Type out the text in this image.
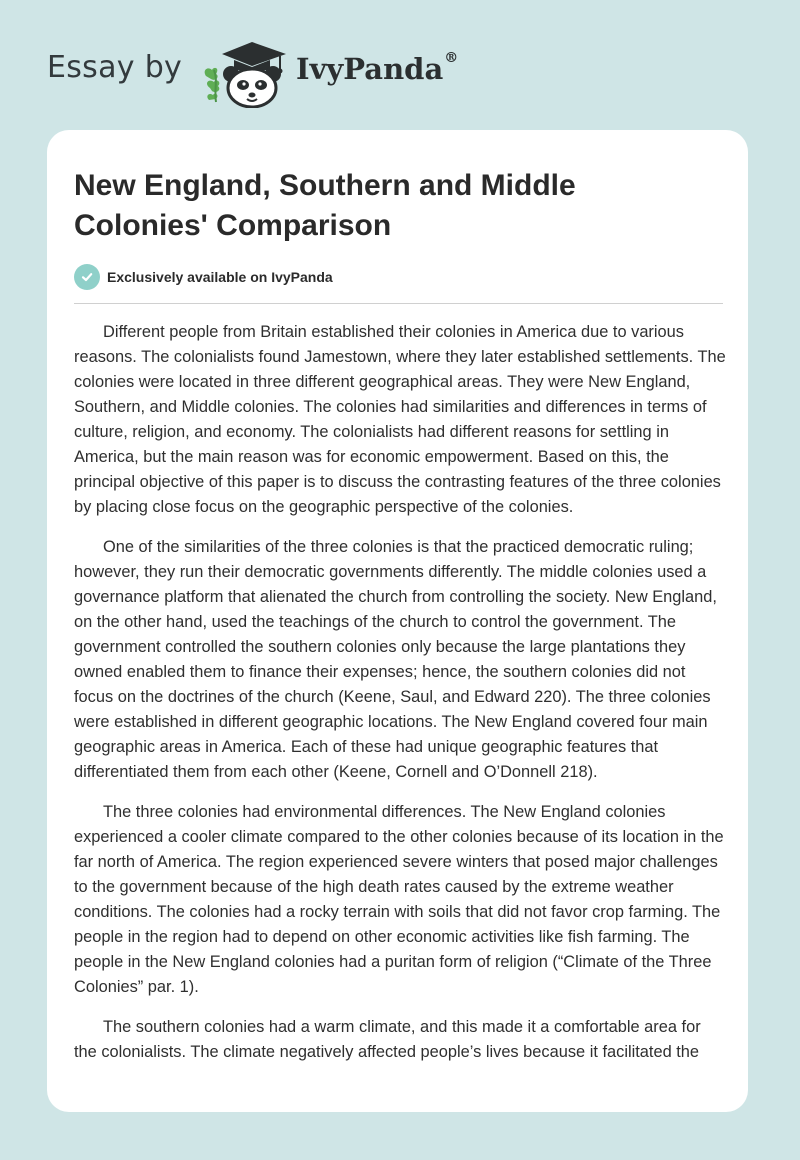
Essay by	IvyPanda®
New England, Southern and Middle Colonies' Comparison
Exclusively available on IvyPanda

Different people from Britain established their colonies in America due to various reasons. The colonialists found Jamestown, where they later established settlements. The colonies were located in three different geographical areas. They were New England, Southern, and Middle colonies. The colonies had similarities and differences in terms of culture, religion, and economy. The colonialists had different reasons for settling in America, but the main reason was for economic empowerment. Based on this, the principal objective of this paper is to discuss the contrasting features of the three colonies by placing close focus on the geographic perspective of the colonies.

One of the similarities of the three colonies is that the practiced democratic ruling; however, they run their democratic governments differently. The middle colonies used a governance platform that alienated the church from controlling the society. New England, on the other hand, used the teachings of the church to control the government. The government controlled the southern colonies only because the large plantations they owned enabled them to finance their expenses; hence, the southern colonies did not focus on the doctrines of the church (Keene, Saul, and Edward 220). The three colonies were established in different geographic locations. The New England covered four main geographic areas in America. Each of these had unique geographic features that differentiated them from each other (Keene, Cornell and O’Donnell 218).

The three colonies had environmental differences. The New England colonies experienced a cooler climate compared to the other colonies because of its location in the far north of America. The region experienced severe winters that posed major challenges to the government because of the high death rates caused by the extreme weather conditions. The colonies had a rocky terrain with soils that did not favor crop farming. The people in the region had to depend on other economic activities like fish farming. The people in the New England colonies had a puritan form of religion (“Climate of the Three Colonies” par. 1).

The southern colonies had a warm climate, and this made it a comfortable area for the colonialists. The climate negatively affected people’s lives because it facilitated the
